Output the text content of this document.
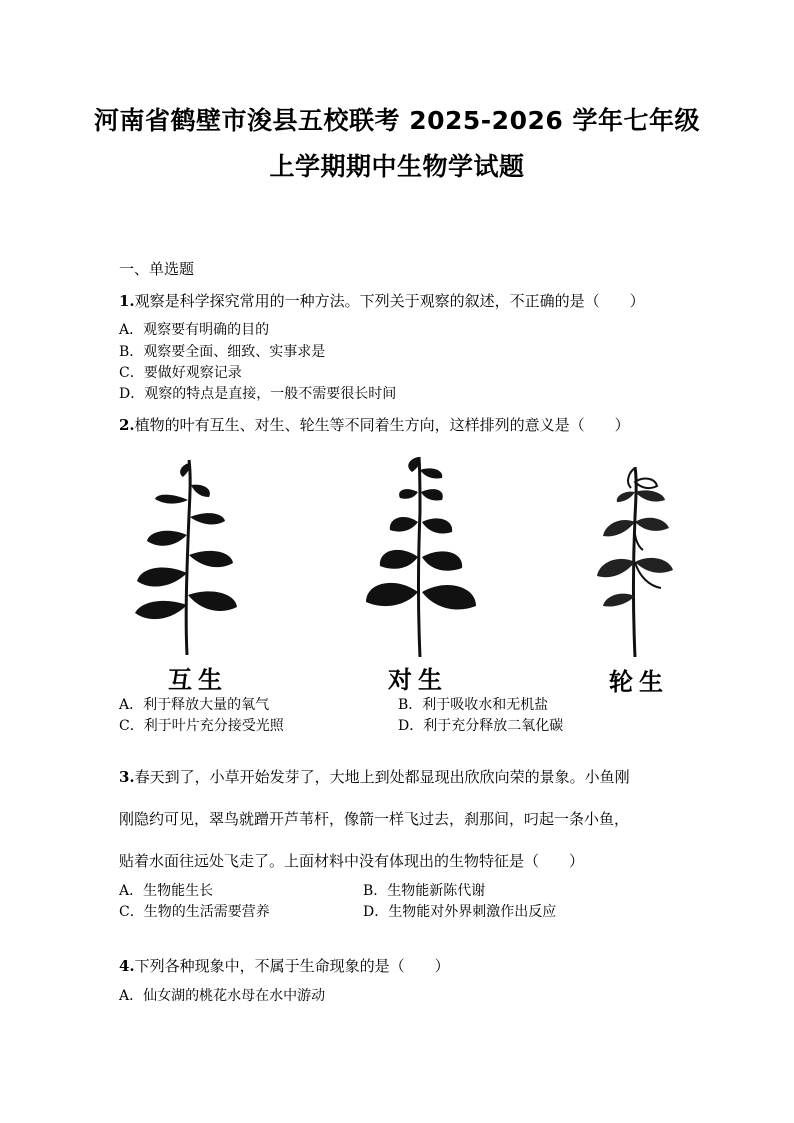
河南省鹤壁市浚县五校联考 2025-2026 学年七年级
上学期期中生物学试题
一、单选题
1.观察是科学探究常用的一种方法。下列关于观察的叙述，不正确的是（　　）
A．观察要有明确的目的
B．观察要全面、细致、实事求是
C．要做好观察记录
D．观察的特点是直接，一般不需要很长时间
2.植物的叶有互生、对生、轮生等不同着生方向，这样排列的意义是（　　）
互生	对生	轮生
A．利于释放大量的氧气	B．利于吸收水和无机盐
C．利于叶片充分接受光照	D．利于充分释放二氧化碳
3.春天到了，小草开始发芽了，大地上到处都显现出欣欣向荣的景象。小鱼刚
刚隐约可见，翠鸟就蹭开芦苇杆，像箭一样飞过去，刹那间，叼起一条小鱼，
贴着水面往远处飞走了。上面材料中没有体现出的生物特征是（　　）
A．生物能生长	B．生物能新陈代谢
C．生物的生活需要营养	D．生物能对外界刺激作出反应
4.下列各种现象中，不属于生命现象的是（　　）
A．仙女湖的桃花水母在水中游动
